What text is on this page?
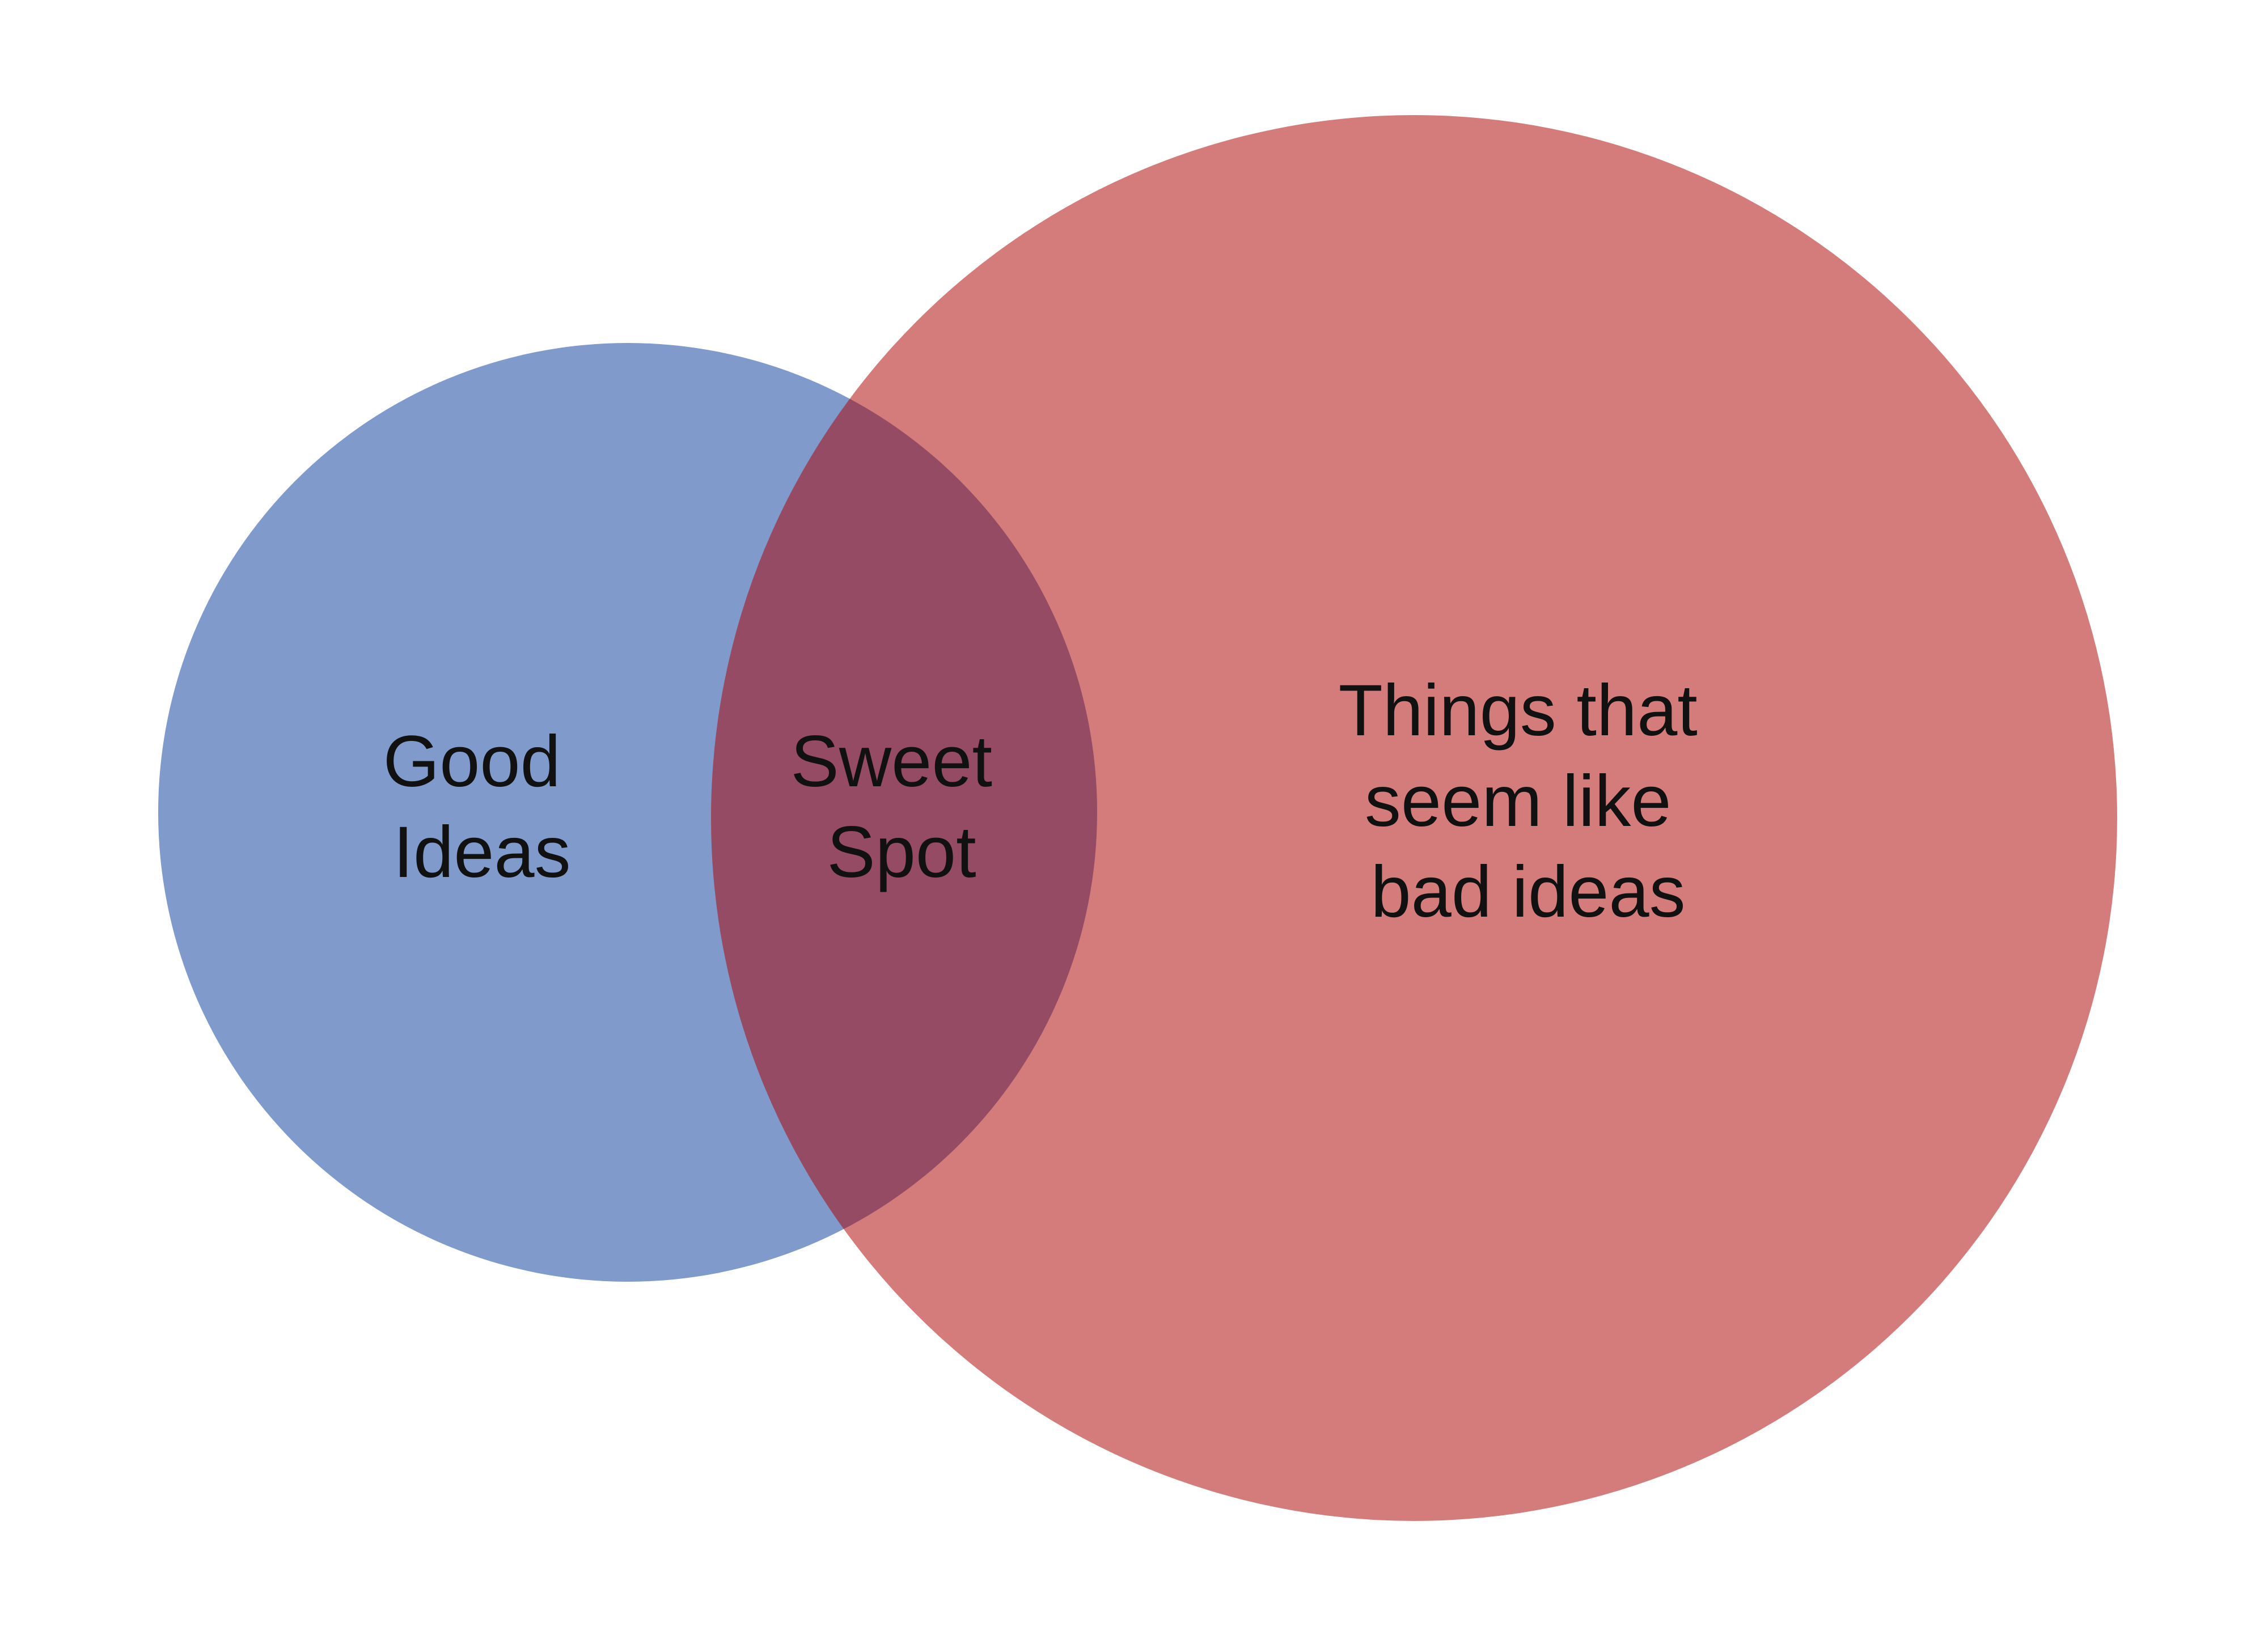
Good Ideas
Sweet Spot
Things that seem like bad ideas
